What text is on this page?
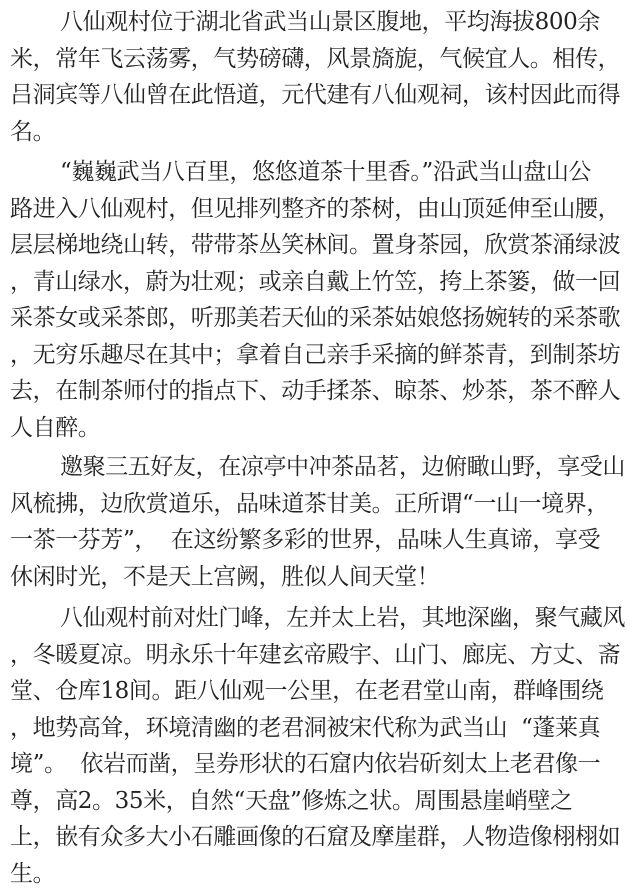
八仙观村位于湖北省武当山景区腹地，平均海拔800余
米，常年飞云荡雾，气势磅礴，风景旖旎，气候宜人。相传，
吕洞宾等八仙曾在此悟道，元代建有八仙观祠，该村因此而得
名。
“巍巍武当八百里，悠悠道茶十里香。”沿武当山盘山公
路进入八仙观村，但见排列整齐的茶树，由山顶延伸至山腰，
层层梯地绕山转，带带茶丛笑林间。置身茶园，欣赏茶涌绿波
，青山绿水，蔚为壮观；或亲自戴上竹笠，挎上茶篓，做一回
采茶女或采茶郎，听那美若天仙的采茶姑娘悠扬婉转的采茶歌
，无穷乐趣尽在其中；拿着自己亲手采摘的鲜茶青，到制茶坊
去，在制茶师付的指点下、动手揉茶、晾茶、炒茶，茶不醉人
人自醉。
邀聚三五好友，在凉亭中冲茶品茗，边俯瞰山野，享受山
风梳拂，边欣赏道乐，品味道茶甘美。正所谓“一山一境界，
一茶一芬芳”，  在这纷繁多彩的世界，品味人生真谛，享受
休闲时光，不是天上宫阙，胜似人间天堂！
八仙观村前对灶门峰，左并太上岩，其地深幽，聚气藏风
，冬暖夏凉。明永乐十年建玄帝殿宇、山门、廊庑、方丈、斋
堂、仓库18间。距八仙观一公里，在老君堂山南，群峰围绕
，地势高耸，环境清幽的老君洞被宋代称为武当山  “蓬莱真
境”。  依岩而凿，呈券形状的石窟内依岩斫刻太上老君像一
尊，高2。35米，自然“天盘”修炼之状。周围悬崖峭壁之
上，嵌有众多大小石雕画像的石窟及摩崖群，人物造像栩栩如
生。
